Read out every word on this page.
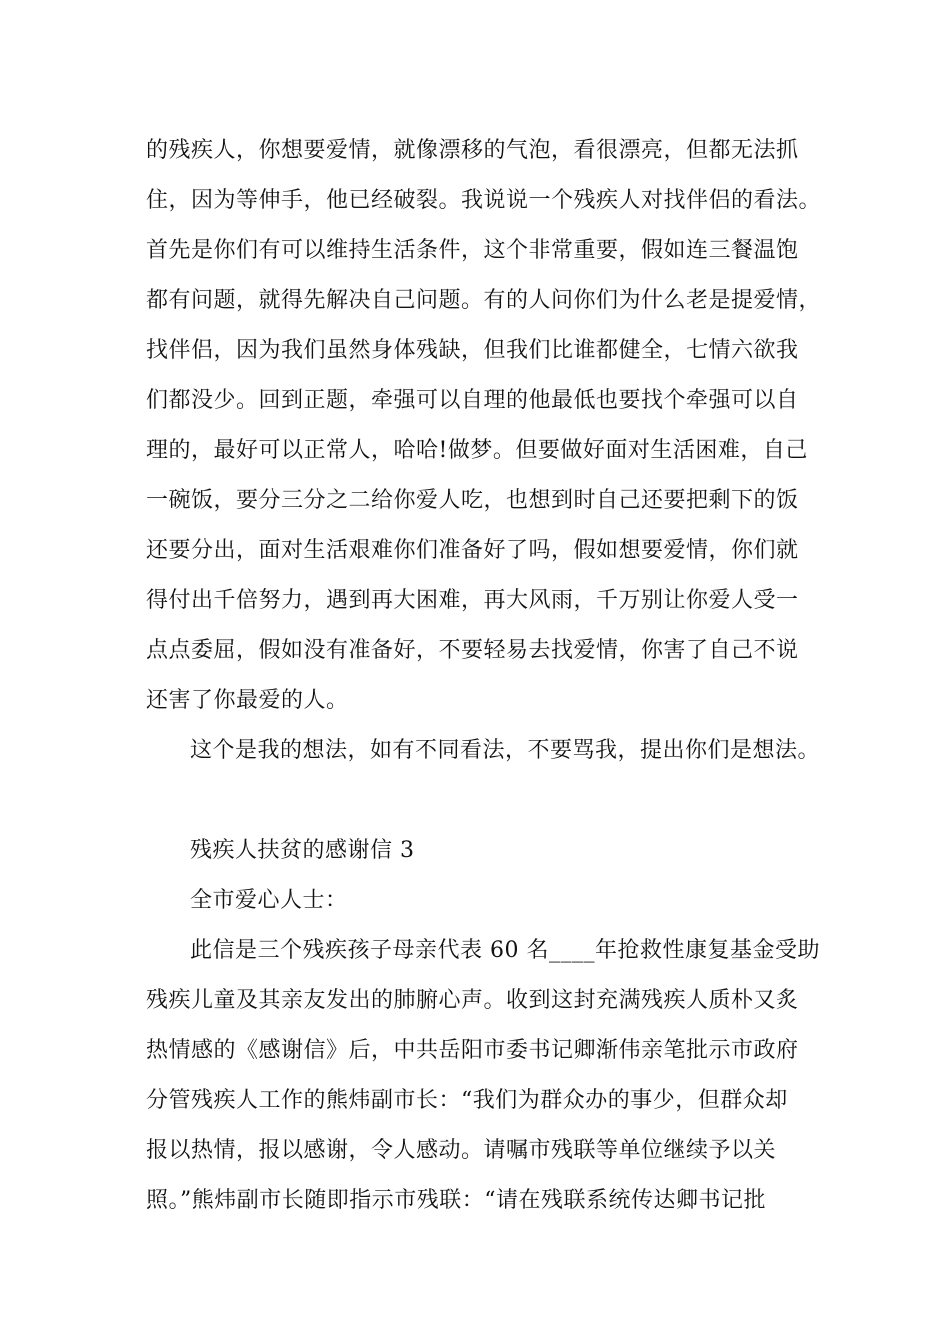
的残疾人，你想要爱情，就像漂移的气泡，看很漂亮，但都无法抓
住，因为等伸手，他已经破裂。我说说一个残疾人对找伴侣的看法。
首先是你们有可以维持生活条件，这个非常重要，假如连三餐温饱
都有问题，就得先解决自己问题。有的人问你们为什么老是提爱情，
找伴侣，因为我们虽然身体残缺，但我们比谁都健全，七情六欲我
们都没少。回到正题，牵强可以自理的他最低也要找个牵强可以自
理的，最好可以正常人，哈哈!做梦。但要做好面对生活困难，自己
一碗饭，要分三分之二给你爱人吃，也想到时自己还要把剩下的饭
还要分出，面对生活艰难你们准备好了吗，假如想要爱情，你们就
得付出千倍努力，遇到再大困难，再大风雨，千万别让你爱人受一
点点委屈，假如没有准备好，不要轻易去找爱情，你害了自己不说
还害了你最爱的人。
这个是我的想法，如有不同看法，不要骂我，提出你们是想法。
残疾人扶贫的感谢信 3
全市爱心人士：
此信是三个残疾孩子母亲代表 60 名____年抢救性康复基金受助
残疾儿童及其亲友发出的肺腑心声。收到这封充满残疾人质朴又炙
热情感的《感谢信》后，中共岳阳市委书记卿渐伟亲笔批示市政府
分管残疾人工作的熊炜副市长：“我们为群众办的事少，但群众却
报以热情，报以感谢，令人感动。请嘱市残联等单位继续予以关
照。”熊炜副市长随即指示市残联：“请在残联系统传达卿书记批
